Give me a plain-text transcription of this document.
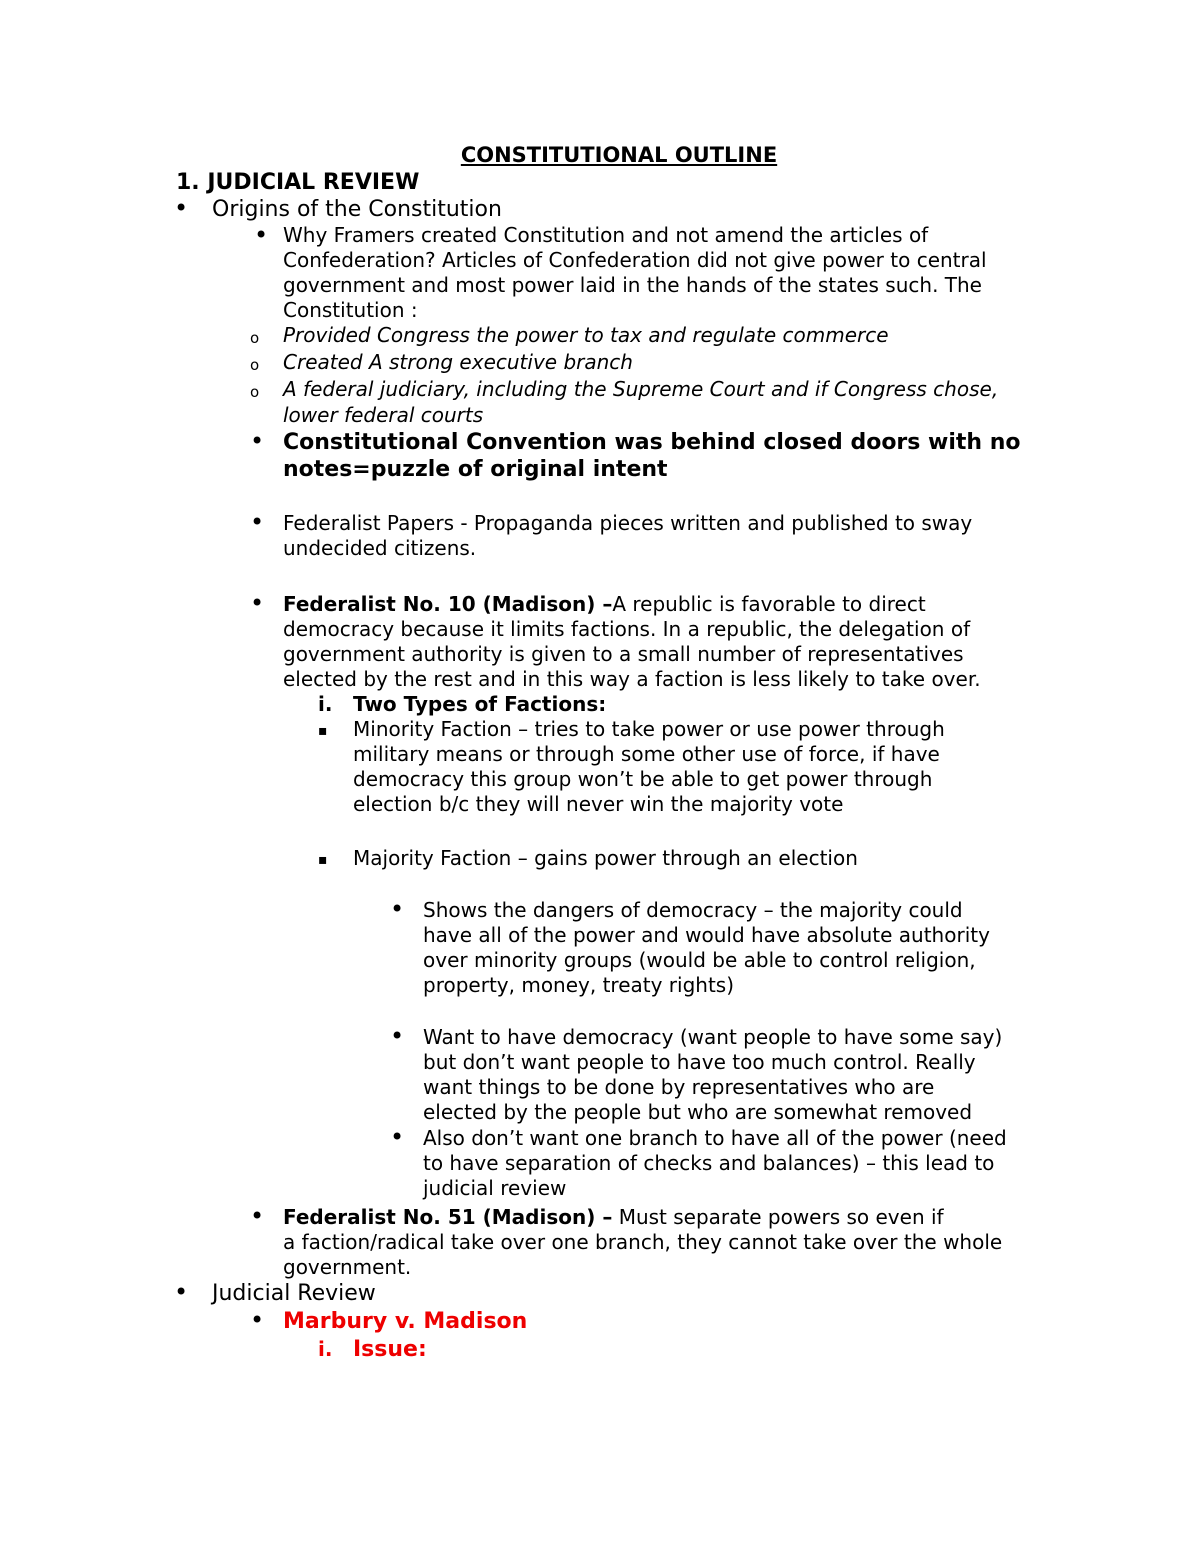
CONSTITUTIONAL OUTLINE
1. JUDICIAL REVIEW
•
Origins of the Constitution
•
Why Framers created Constitution and not amend the articles of
Confederation? Articles of Confederation did not give power to central
government and most power laid in the hands of the states such. The
Constitution :
o
Provided Congress the power to tax and regulate commerce
o
Created A strong executive branch
o
A federal judiciary, including the Supreme Court and if Congress chose,
lower federal courts
•
Constitutional Convention was behind closed doors with no
notes=puzzle of original intent
•
Federalist Papers - Propaganda pieces written and published to sway
undecided citizens.
•
Federalist No. 10 (Madison) –A republic is favorable to direct
democracy because it limits factions. In a republic, the delegation of
government authority is given to a small number of representatives
elected by the rest and in this way a faction is less likely to take over.
i. Two Types of Factions:
▪
Minority Faction – tries to take power or use power through
military means or through some other use of force, if have
democracy this group won’t be able to get power through
election b/c they will never win the majority vote
▪
Majority Faction – gains power through an election
•
Shows the dangers of democracy – the majority could
have all of the power and would have absolute authority
over minority groups (would be able to control religion,
property, money, treaty rights)
•
Want to have democracy (want people to have some say)
but don’t want people to have too much control. Really
want things to be done by representatives who are
elected by the people but who are somewhat removed
•
Also don’t want one branch to have all of the power (need
to have separation of checks and balances) – this lead to
judicial review
•
Federalist No. 51 (Madison) – Must separate powers so even if
a faction/radical take over one branch, they cannot take over the whole
government.
•
Judicial Review
•
Marbury v. Madison
i. Issue:
